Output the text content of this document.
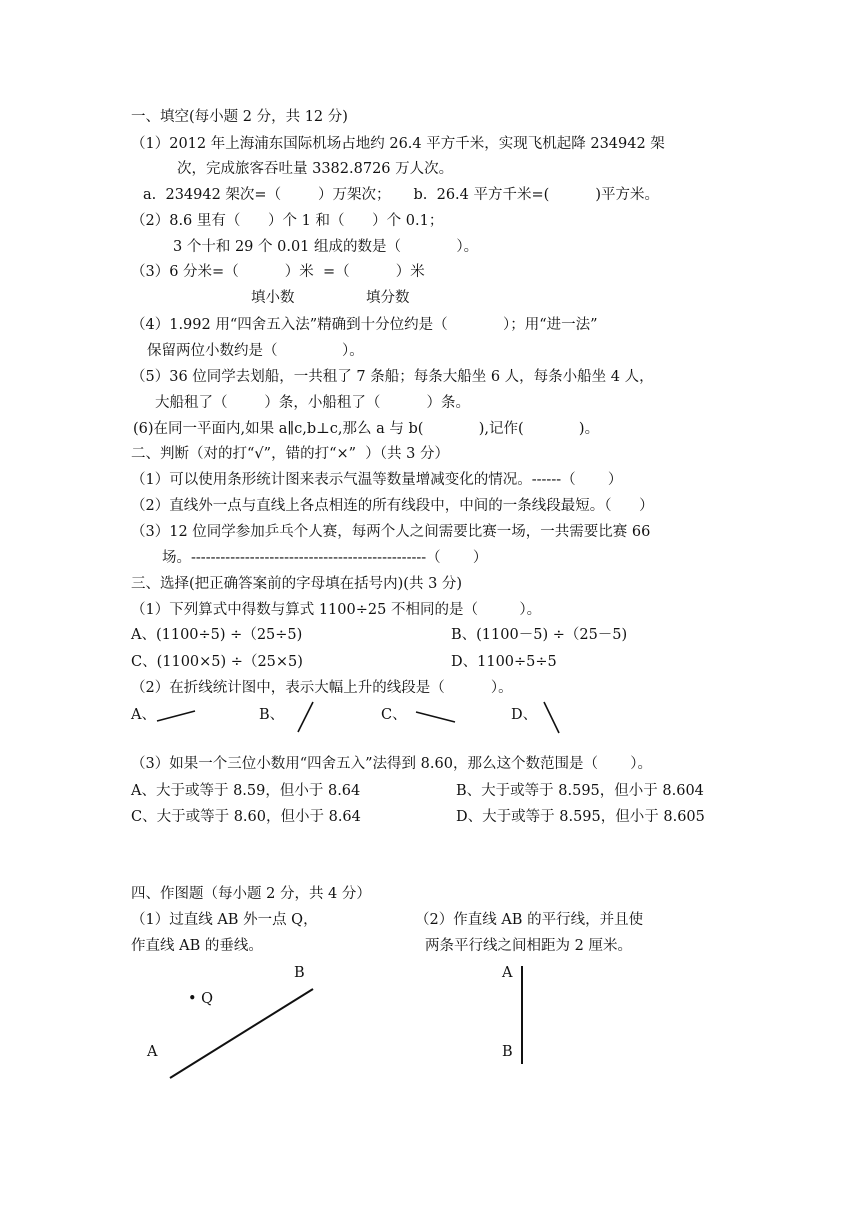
一、填空(每小题 2 分，共 12 分)
（1）2012 年上海浦东国际机场占地约 26.4 平方千米，实现飞机起降 234942 架
次，完成旅客吞吐量 3382.8726 万人次。
a.  234942 架次=（        ）万架次；     b.  26.4 平方千米=(          )平方米。
（2）8.6 里有（      ）个 1 和（      ）个 0.1；
3 个十和 29 个 0.01 组成的数是（            ）。
（3）6 分米=（          ）米  =（          ）米
填小数	填分数
（4）1.992 用“四舍五入法”精确到十分位约是（            ）；用“进一法”
保留两位小数约是（              ）。
（5）36 位同学去划船，一共租了 7 条船；每条大船坐 6 人，每条小船坐 4 人，
大船租了（        ）条，小船租了（          ）条。
(6)在同一平面内,如果 a∥c,b⊥c,那么 a 与 b(            ),记作(            )。
二、判断（对的打“√”，错的打“×”  ）（共 3 分）
（1）可以使用条形统计图来表示气温等数量增减变化的情况。------（       ）
（2）直线外一点与直线上各点相连的所有线段中，中间的一条线段最短。（      ）
（3）12 位同学参加乒乓个人赛，每两个人之间需要比赛一场，一共需要比赛 66
场。------------------------------------------------（       ）
三、选择(把正确答案前的字母填在括号内)(共 3 分)
（1）下列算式中得数与算式 1100÷25 不相同的是（         ）。
A、(1100÷5) ÷（25÷5)	B、(1100－5) ÷（25－5)
C、(1100×5) ÷（25×5)	D、1100÷5÷5
（2）在折线统计图中，表示大幅上升的线段是（          ）。
A、	B、	C、	D、
（3）如果一个三位小数用“四舍五入”法得到 8.60，那么这个数范围是（       ）。
A、大于或等于 8.59，但小于 8.64	B、大于或等于 8.595，但小于 8.604
C、大于或等于 8.60，但小于 8.64	D、大于或等于 8.595，但小于 8.605
四、作图题（每小题 2 分，共 4 分）
（1）过直线 AB 外一点 Q，
作直线 AB 的垂线。
（2）作直线 AB 的平行线，并且使
两条平行线之间相距为 2 厘米。
B
• Q
A
A
B
